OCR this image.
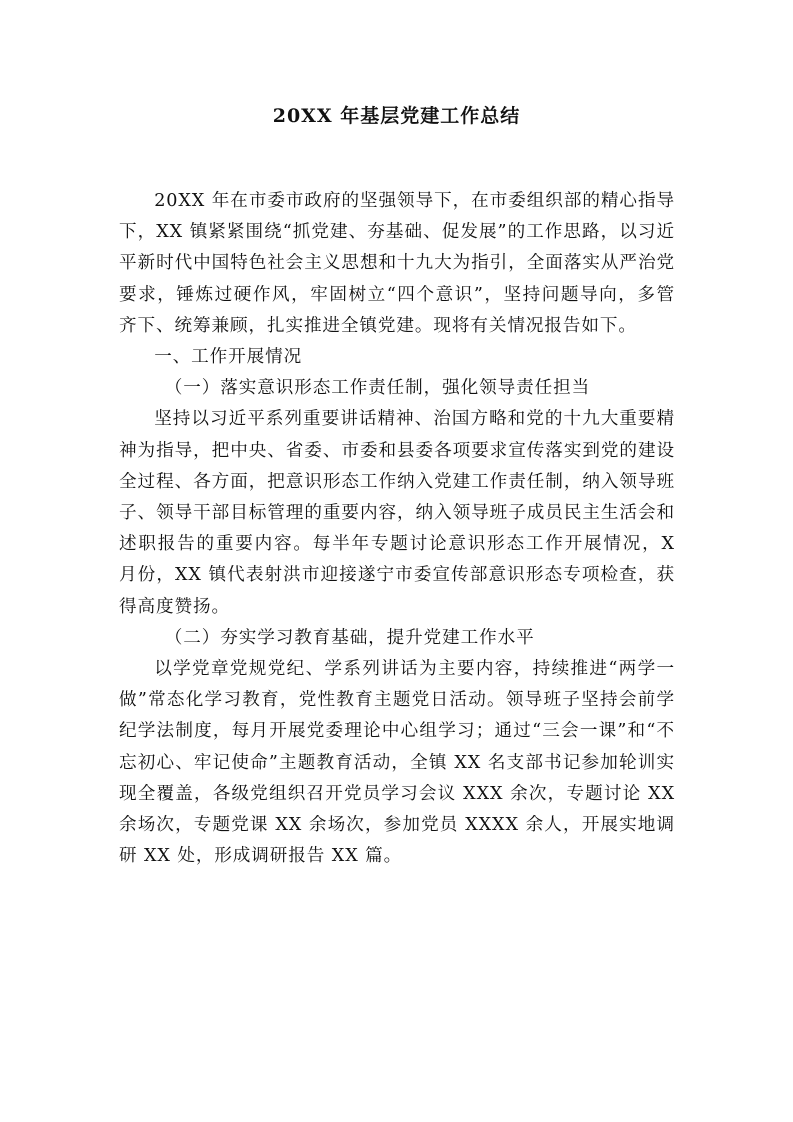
20XX 年基层党建工作总结

20XX 年在市委市政府的坚强领导下，在市委组织部的精心指导下，XX 镇紧紧围绕“抓党建、夯基础、促发展”的工作思路，以习近平新时代中国特色社会主义思想和十九大为指引，全面落实从严治党要求，锤炼过硬作风，牢固树立“四个意识”，坚持问题导向，多管齐下、统筹兼顾，扎实推进全镇党建。现将有关情况报告如下。

一、工作开展情况

（一）落实意识形态工作责任制，强化领导责任担当

坚持以习近平系列重要讲话精神、治国方略和党的十九大重要精神为指导，把中央、省委、市委和县委各项要求宣传落实到党的建设全过程、各方面，把意识形态工作纳入党建工作责任制，纳入领导班子、领导干部目标管理的重要内容，纳入领导班子成员民主生活会和述职报告的重要内容。每半年专题讨论意识形态工作开展情况，X 月份，XX 镇代表射洪市迎接遂宁市委宣传部意识形态专项检查，获得高度赞扬。

（二）夯实学习教育基础，提升党建工作水平

以学党章党规党纪、学系列讲话为主要内容，持续推进“两学一做”常态化学习教育，党性教育主题党日活动。领导班子坚持会前学纪学法制度，每月开展党委理论中心组学习；通过“三会一课”和“不忘初心、牢记使命”主题教育活动，全镇 XX 名支部书记参加轮训实现全覆盖，各级党组织召开党员学习会议 XXX 余次，专题讨论 XX 余场次，专题党课 XX 余场次，参加党员 XXXX 余人，开展实地调研 XX 处，形成调研报告 XX 篇。
